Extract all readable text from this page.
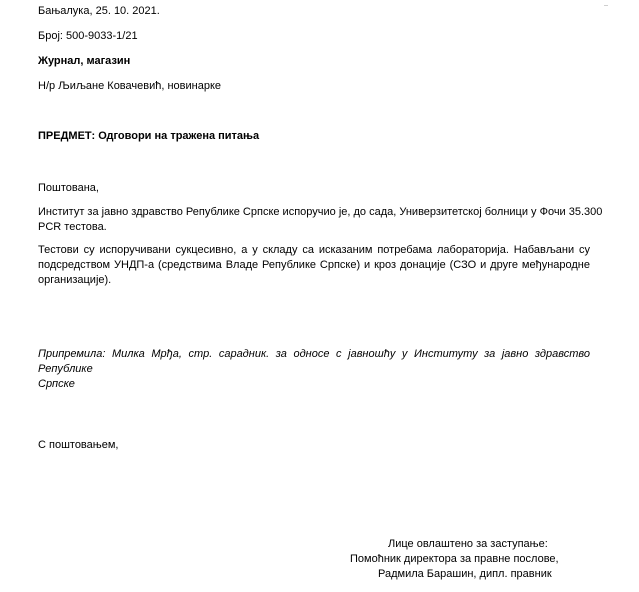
Бањалука, 25. 10. 2021.
Број: 500-9033-1/21
Журнал, магазин
Н/р Љиљане Ковачевић, новинарке
ПРЕДМЕТ: Одговори на тражена питања
Поштована,
Институт за јавно здравство Републике Српске испоручио је, до сада, Универзитетској болници у Фочи 35.300
PCR тестова.
Тестови су испоручивани сукцесивно, а у складу са исказаним потребама лабораторија. Набављани су
подсредством УНДП-а (средствима Владе Републике Српске) и кроз донације (СЗО и друге међународне
организације).
Припремила: Милка Мрђа, стр. сарадник. за односе с јавношћу у Институту за јавно здравство Републике
Српске
С поштовањем,
Лице овлаштено за заступање:
Помоћник директора за правне послове,
Радмила Барашин, дипл. правник
